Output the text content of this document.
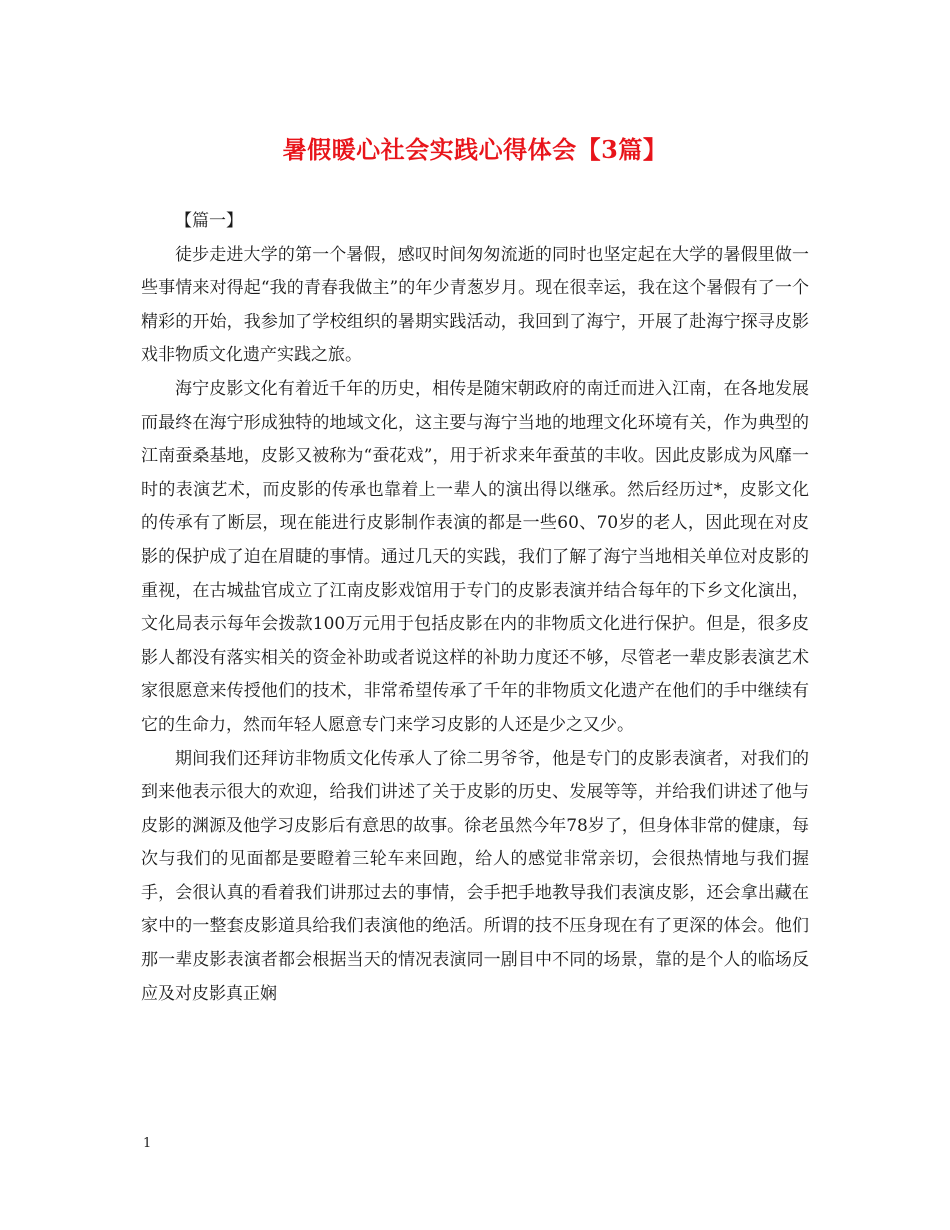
暑假暖心社会实践心得体会【3篇】

【篇一】

徒步走进大学的第一个暑假，感叹时间匆匆流逝的同时也坚定起在大学的暑假里做一些事情来对得起“我的青春我做主”的年少青葱岁月。现在很幸运，我在这个暑假有了一个精彩的开始，我参加了学校组织的暑期实践活动，我回到了海宁，开展了赴海宁探寻皮影戏非物质文化遗产实践之旅。

海宁皮影文化有着近千年的历史，相传是随宋朝政府的南迁而进入江南，在各地发展而最终在海宁形成独特的地域文化，这主要与海宁当地的地理文化环境有关，作为典型的江南蚕桑基地，皮影又被称为“蚕花戏”，用于祈求来年蚕茧的丰收。因此皮影成为风靡一时的表演艺术，而皮影的传承也靠着上一辈人的演出得以继承。然后经历过*，皮影文化的传承有了断层，现在能进行皮影制作表演的都是一些60、70岁的老人，因此现在对皮影的保护成了迫在眉睫的事情。通过几天的实践，我们了解了海宁当地相关单位对皮影的重视，在古城盐官成立了江南皮影戏馆用于专门的皮影表演并结合每年的下乡文化演出，文化局表示每年会拨款100万元用于包括皮影在内的非物质文化进行保护。但是，很多皮影人都没有落实相关的资金补助或者说这样的补助力度还不够，尽管老一辈皮影表演艺术家很愿意来传授他们的技术，非常希望传承了千年的非物质文化遗产在他们的手中继续有它的生命力，然而年轻人愿意专门来学习皮影的人还是少之又少。

期间我们还拜访非物质文化传承人了徐二男爷爷，他是专门的皮影表演者，对我们的到来他表示很大的欢迎，给我们讲述了关于皮影的历史、发展等等，并给我们讲述了他与皮影的渊源及他学习皮影后有意思的故事。徐老虽然今年78岁了，但身体非常的健康，每次与我们的见面都是要瞪着三轮车来回跑，给人的感觉非常亲切，会很热情地与我们握手，会很认真的看着我们讲那过去的事情，会手把手地教导我们表演皮影，还会拿出藏在家中的一整套皮影道具给我们表演他的绝活。所谓的技不压身现在有了更深的体会。他们那一辈皮影表演者都会根据当天的情况表演同一剧目中不同的场景，靠的是个人的临场反应及对皮影真正娴

1
